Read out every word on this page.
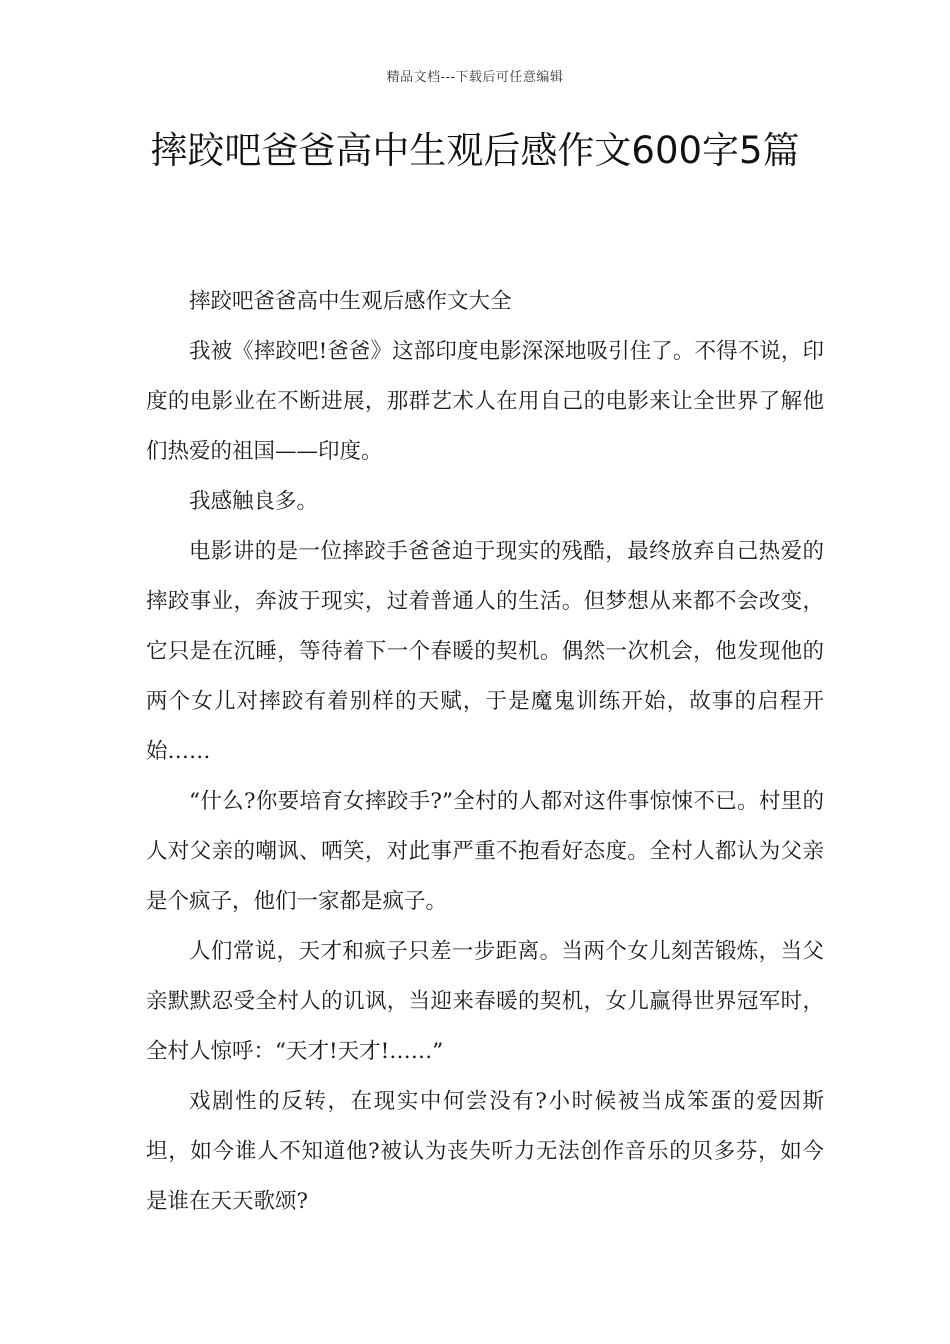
精品文档---下载后可任意编辑
摔跤吧爸爸高中生观后感作文600字5篇

摔跤吧爸爸高中生观后感作文大全

我被《摔跤吧!爸爸》这部印度电影深深地吸引住了。不得不说，印度的电影业在不断进展，那群艺术人在用自己的电影来让全世界了解他们热爱的祖国——印度。

我感触良多。

电影讲的是一位摔跤手爸爸迫于现实的残酷，最终放弃自己热爱的摔跤事业，奔波于现实，过着普通人的生活。但梦想从来都不会改变，它只是在沉睡，等待着下一个春暖的契机。偶然一次机会，他发现他的两个女儿对摔跤有着别样的天赋，于是魔鬼训练开始，故事的启程开始……

“什么?你要培育女摔跤手?”全村的人都对这件事惊悚不已。村里的人对父亲的嘲讽、哂笑，对此事严重不抱看好态度。全村人都认为父亲是个疯子，他们一家都是疯子。

人们常说，天才和疯子只差一步距离。当两个女儿刻苦锻炼，当父亲默默忍受全村人的讥讽，当迎来春暖的契机，女儿赢得世界冠军时，全村人惊呼：“天才!天才!……”

戏剧性的反转，在现实中何尝没有?小时候被当成笨蛋的爱因斯坦，如今谁人不知道他?被认为丧失听力无法创作音乐的贝多芬，如今是谁在天天歌颂?
